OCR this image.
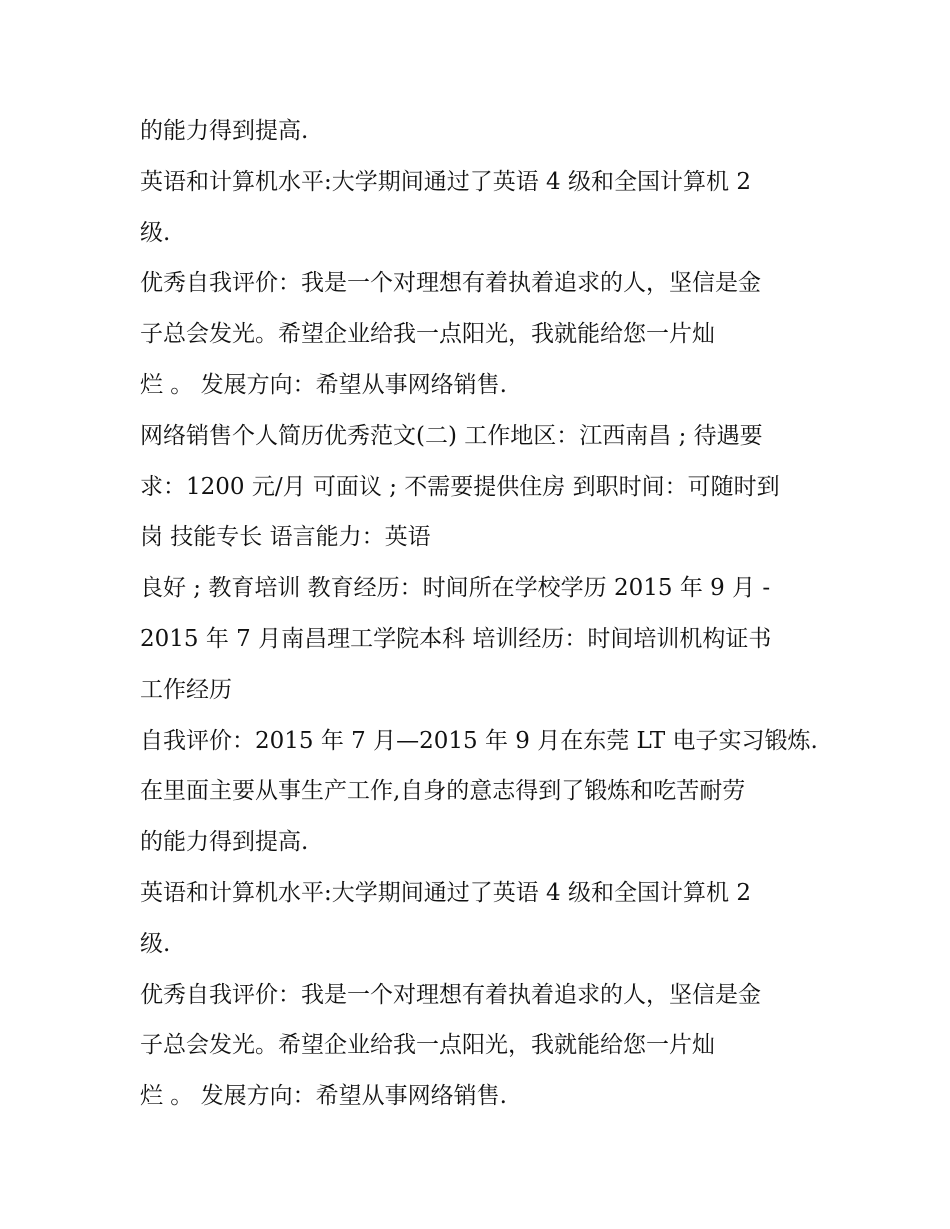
的能力得到提高.
英语和计算机水平:大学期间通过了英语 4 级和全国计算机 2
级.
优秀自我评价：我是一个对理想有着执着追求的人，坚信是金
子总会发光。希望企业给我一点阳光，我就能给您一片灿
烂 。 发展方向：希望从事网络销售.
网络销售个人简历优秀范文(二) 工作地区：江西南昌 ; 待遇要
求：1200 元/月 可面议 ; 不需要提供住房 到职时间：可随时到
岗 技能专长 语言能力：英语
良好 ; 教育培训 教育经历：时间所在学校学历 2015 年 9 月 -
2015 年 7 月南昌理工学院本科 培训经历：时间培训机构证书
工作经历
自我评价：2015 年 7 月—2015 年 9 月在东莞 LT 电子实习锻炼.
在里面主要从事生产工作,自身的意志得到了锻炼和吃苦耐劳
的能力得到提高.
英语和计算机水平:大学期间通过了英语 4 级和全国计算机 2
级.
优秀自我评价：我是一个对理想有着执着追求的人，坚信是金
子总会发光。希望企业给我一点阳光，我就能给您一片灿
烂 。 发展方向：希望从事网络销售.
